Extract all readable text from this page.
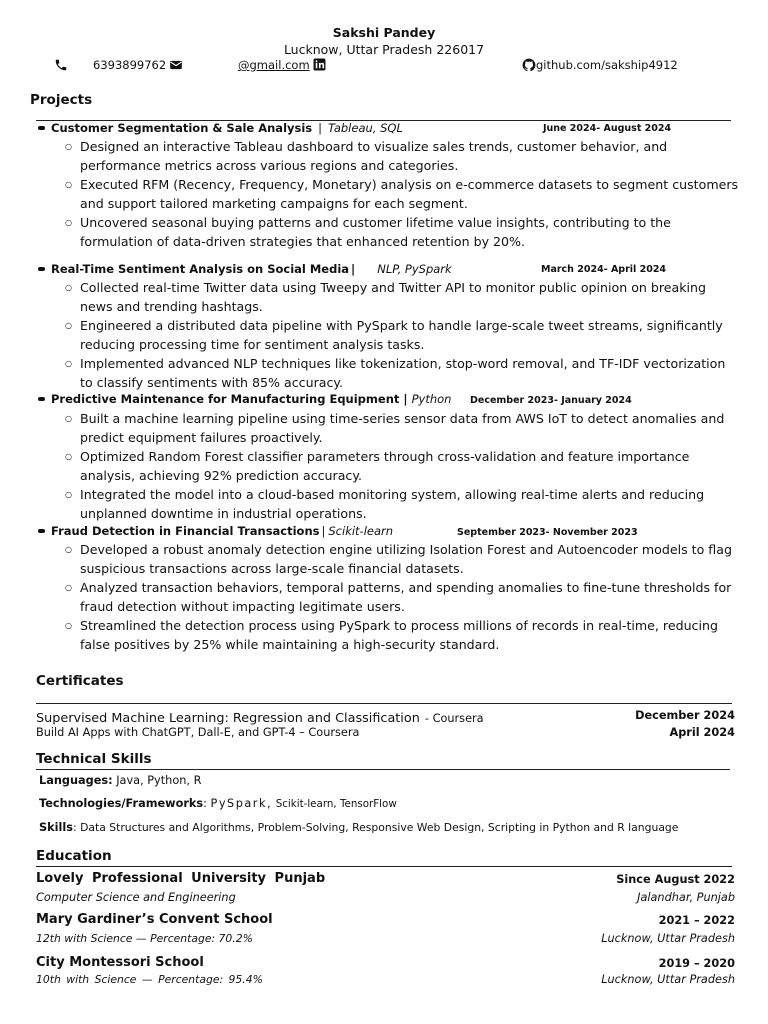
Sakshi Pandey
Lucknow, Uttar Pradesh 226017
6393899762	@gmail.com	github.com/sakship4912
Projects
Customer Segmentation & Sale Analysis | Tableau, SQL	June 2024- August 2024
○ Designed an interactive Tableau dashboard to visualize sales trends, customer behavior, and performance metrics across various regions and categories.
○ Executed RFM (Recency, Frequency, Monetary) analysis on e-commerce datasets to segment customers and support tailored marketing campaigns for each segment.
○ Uncovered seasonal buying patterns and customer lifetime value insights, contributing to the formulation of data-driven strategies that enhanced retention by 20%.
Real-Time Sentiment Analysis on Social Media | NLP, PySpark	March 2024- April 2024
○ Collected real-time Twitter data using Tweepy and Twitter API to monitor public opinion on breaking news and trending hashtags.
○ Engineered a distributed data pipeline with PySpark to handle large-scale tweet streams, significantly reducing processing time for sentiment analysis tasks.
○ Implemented advanced NLP techniques like tokenization, stop-word removal, and TF-IDF vectorization to classify sentiments with 85% accuracy.
Predictive Maintenance for Manufacturing Equipment | Python December 2023- January 2024
○ Built a machine learning pipeline using time-series sensor data from AWS IoT to detect anomalies and predict equipment failures proactively.
○ Optimized Random Forest classifier parameters through cross-validation and feature importance analysis, achieving 92% prediction accuracy.
○ Integrated the model into a cloud-based monitoring system, allowing real-time alerts and reducing unplanned downtime in industrial operations.
Fraud Detection in Financial Transactions | Scikit-learn	September 2023- November 2023
○ Developed a robust anomaly detection engine utilizing Isolation Forest and Autoencoder models to flag suspicious transactions across large-scale financial datasets.
○ Analyzed transaction behaviors, temporal patterns, and spending anomalies to fine-tune thresholds for fraud detection without impacting legitimate users.
○ Streamlined the detection process using PySpark to process millions of records in real-time, reducing false positives by 25% while maintaining a high-security standard.
Certificates
Supervised Machine Learning: Regression and Classification - Coursera	December 2024
Build AI Apps with ChatGPT, Dall-E, and GPT-4 – Coursera	April 2024
Technical Skills
Languages: Java, Python, R
Technologies/Frameworks: PySpark, Scikit-learn, TensorFlow
Skills: Data Structures and Algorithms, Problem-Solving, Responsive Web Design, Scripting in Python and R language
Education
Lovely Professional University Punjab	Since August 2022
Computer Science and Engineering	Jalandhar, Punjab
Mary Gardiner’s Convent School	2021 – 2022
12th with Science — Percentage: 70.2%	Lucknow, Uttar Pradesh
City Montessori School	2019 – 2020
10th with Science — Percentage: 95.4%	Lucknow, Uttar Pradesh
